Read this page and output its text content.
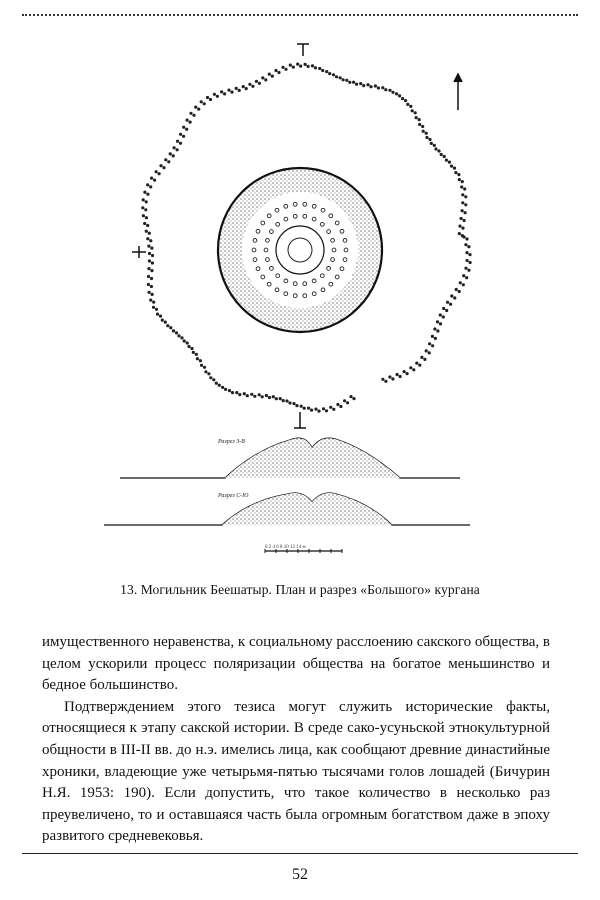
Разрез З-В
Разрез С-Ю
0 2 4 6 8 10 12 14 м
13. Могильник Беешатыр. План и разрез «Большого» кургана

имущественного неравенства, к социальному расслоению сакского общества, в целом ускорили процесс поляризации общества на богатое меньшинство и бедное большинство.

Подтверждением этого тезиса могут служить исторические факты, относящиеся к этапу сакской истории. В среде сако-усуньской этнокультурной общности в III-II вв. до н.э. имелись лица, как сообщают древние династийные хроники, владеющие уже четырьмя-пятью тысячами голов лошадей (Бичурин Н.Я. 1953: 190). Если допустить, что такое количество в несколько раз преувеличено, то и оставшаяся часть была огромным богатством даже в эпоху развитого средневековья.

52
